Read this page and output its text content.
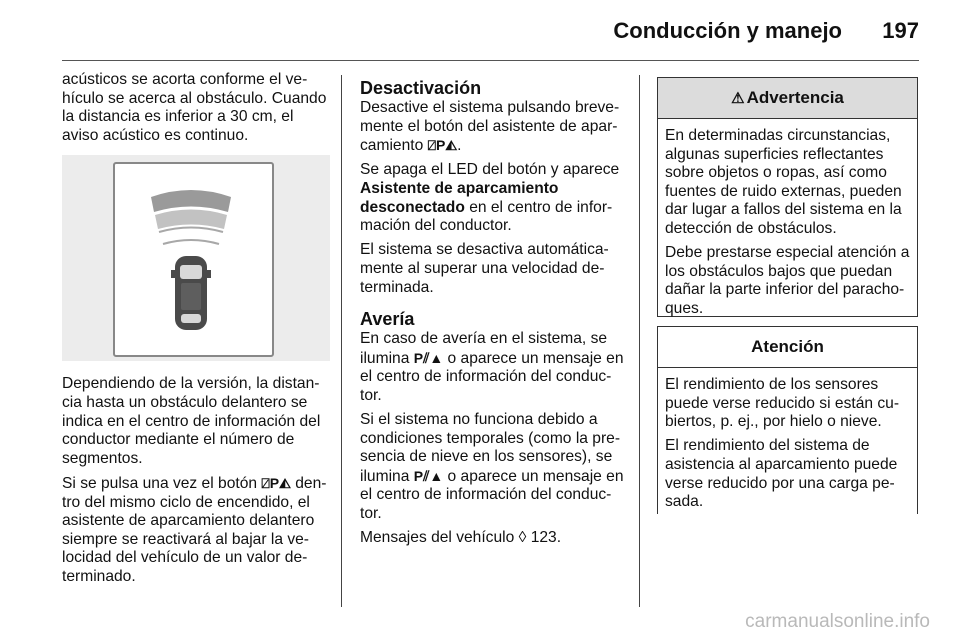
Conducción y manejo 197

acústicos se acorta conforme el ve-hículo se acerca al obstáculo. Cuando la distancia es inferior a 30 cm, el aviso acústico es continuo.

Dependiendo de la versión, la distan-cia hasta un obstáculo delantero se indica en el centro de información del conductor mediante el número de segmentos.

Si se pulsa una vez el botón ⍁P◭ den-tro del mismo ciclo de encendido, el asistente de aparcamiento delantero siempre se reactivará al bajar la ve-locidad del vehículo de un valor de-terminado.

Desactivación

Desactive el sistema pulsando breve-mente el botón del asistente de apar-camiento ⍁P◭.

Se apaga el LED del botón y aparece Asistente de aparcamiento desconectado en el centro de infor-mación del conductor.

El sistema se desactiva automática-mente al superar una velocidad de-terminada.

Avería

En caso de avería en el sistema, se ilumina P⫽▲ o aparece un mensaje en el centro de información del conduc-tor.

Si el sistema no funciona debido a condiciones temporales (como la pre-sencia de nieve en los sensores), se ilumina P⫽▲ o aparece un mensaje en el centro de información del conduc-tor.

Mensajes del vehículo ◊ 123.

⚠ Advertencia

En determinadas circunstancias, algunas superficies reflectantes sobre objetos o ropas, así como fuentes de ruido externas, pueden dar lugar a fallos del sistema en la detección de obstáculos.

Debe prestarse especial atención a los obstáculos bajos que puedan dañar la parte inferior del paracho-ques.

Atención

El rendimiento de los sensores puede verse reducido si están cu-biertos, p. ej., por hielo o nieve.

El rendimiento del sistema de asistencia al aparcamiento puede verse reducido por una carga pe-sada.

carmanualsonline.info
